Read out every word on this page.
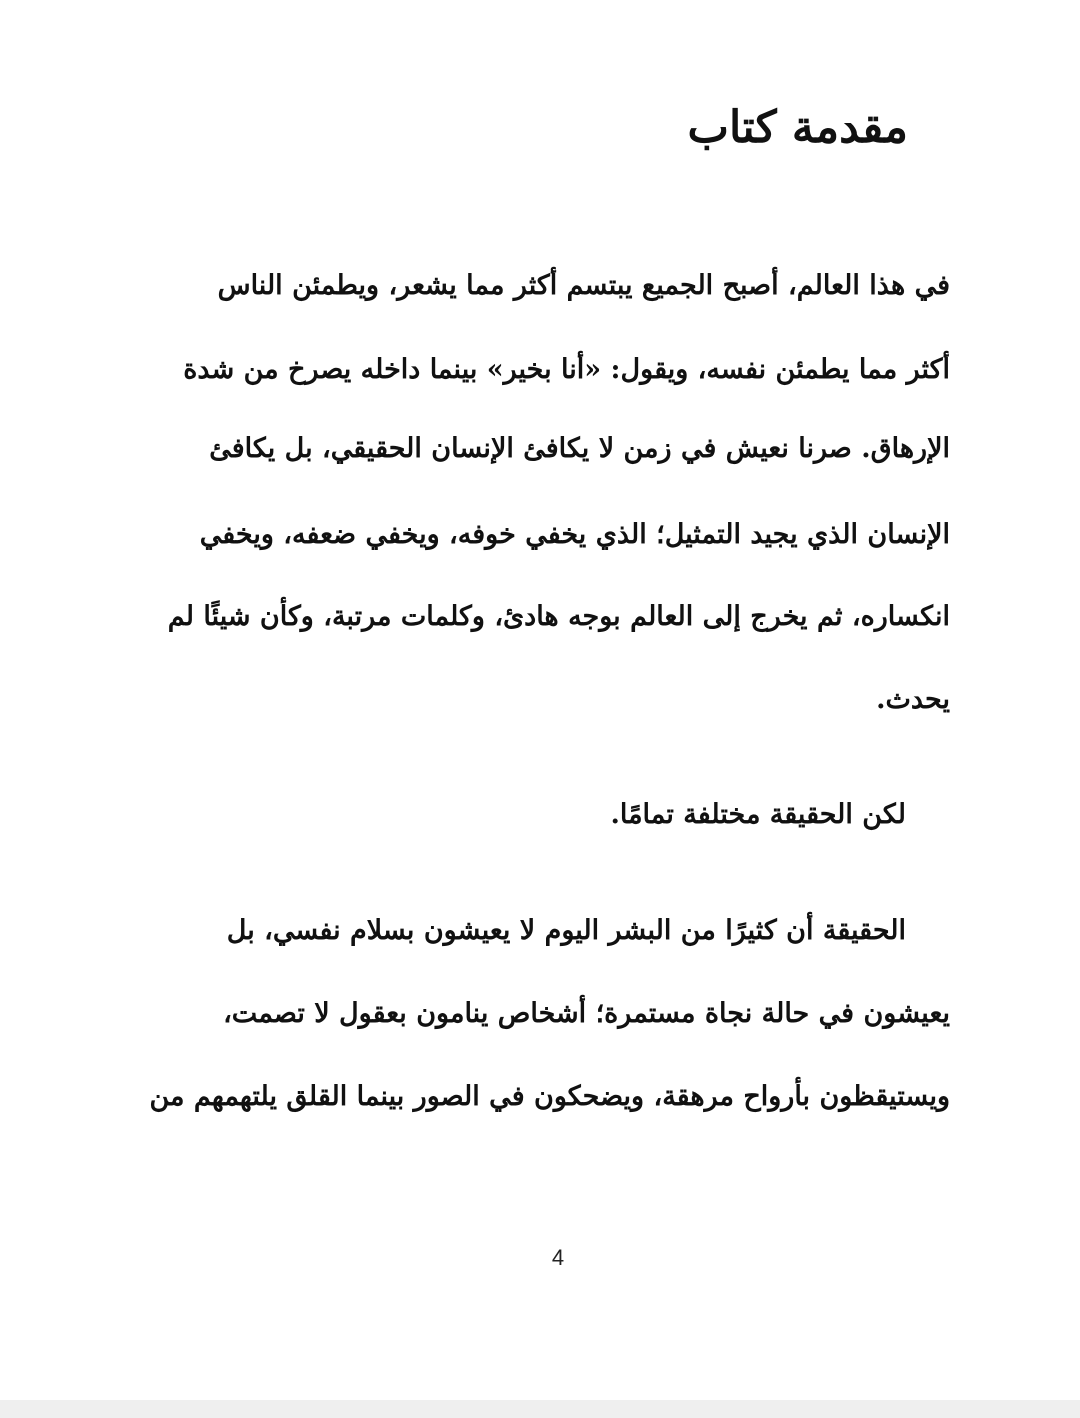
مقدمة كتاب
في هذا العالم، أصبح الجميع يبتسم أكثر مما يشعر، ويطمئن الناس
أكثر مما يطمئن نفسه، ويقول: «أنا بخير» بينما داخله يصرخ من شدة
الإرهاق. صرنا نعيش في زمن لا يكافئ الإنسان الحقيقي، بل يكافئ
الإنسان الذي يجيد التمثيل؛ الذي يخفي خوفه، ويخفي ضعفه، ويخفي
انكساره، ثم يخرج إلى العالم بوجه هادئ، وكلمات مرتبة، وكأن شيئًا لم
يحدث.
لكن الحقيقة مختلفة تمامًا.
الحقيقة أن كثيرًا من البشر اليوم لا يعيشون بسلام نفسي، بل
يعيشون في حالة نجاة مستمرة؛ أشخاص ينامون بعقول لا تصمت،
ويستيقظون بأرواح مرهقة، ويضحكون في الصور بينما القلق يلتهمهم من
4
